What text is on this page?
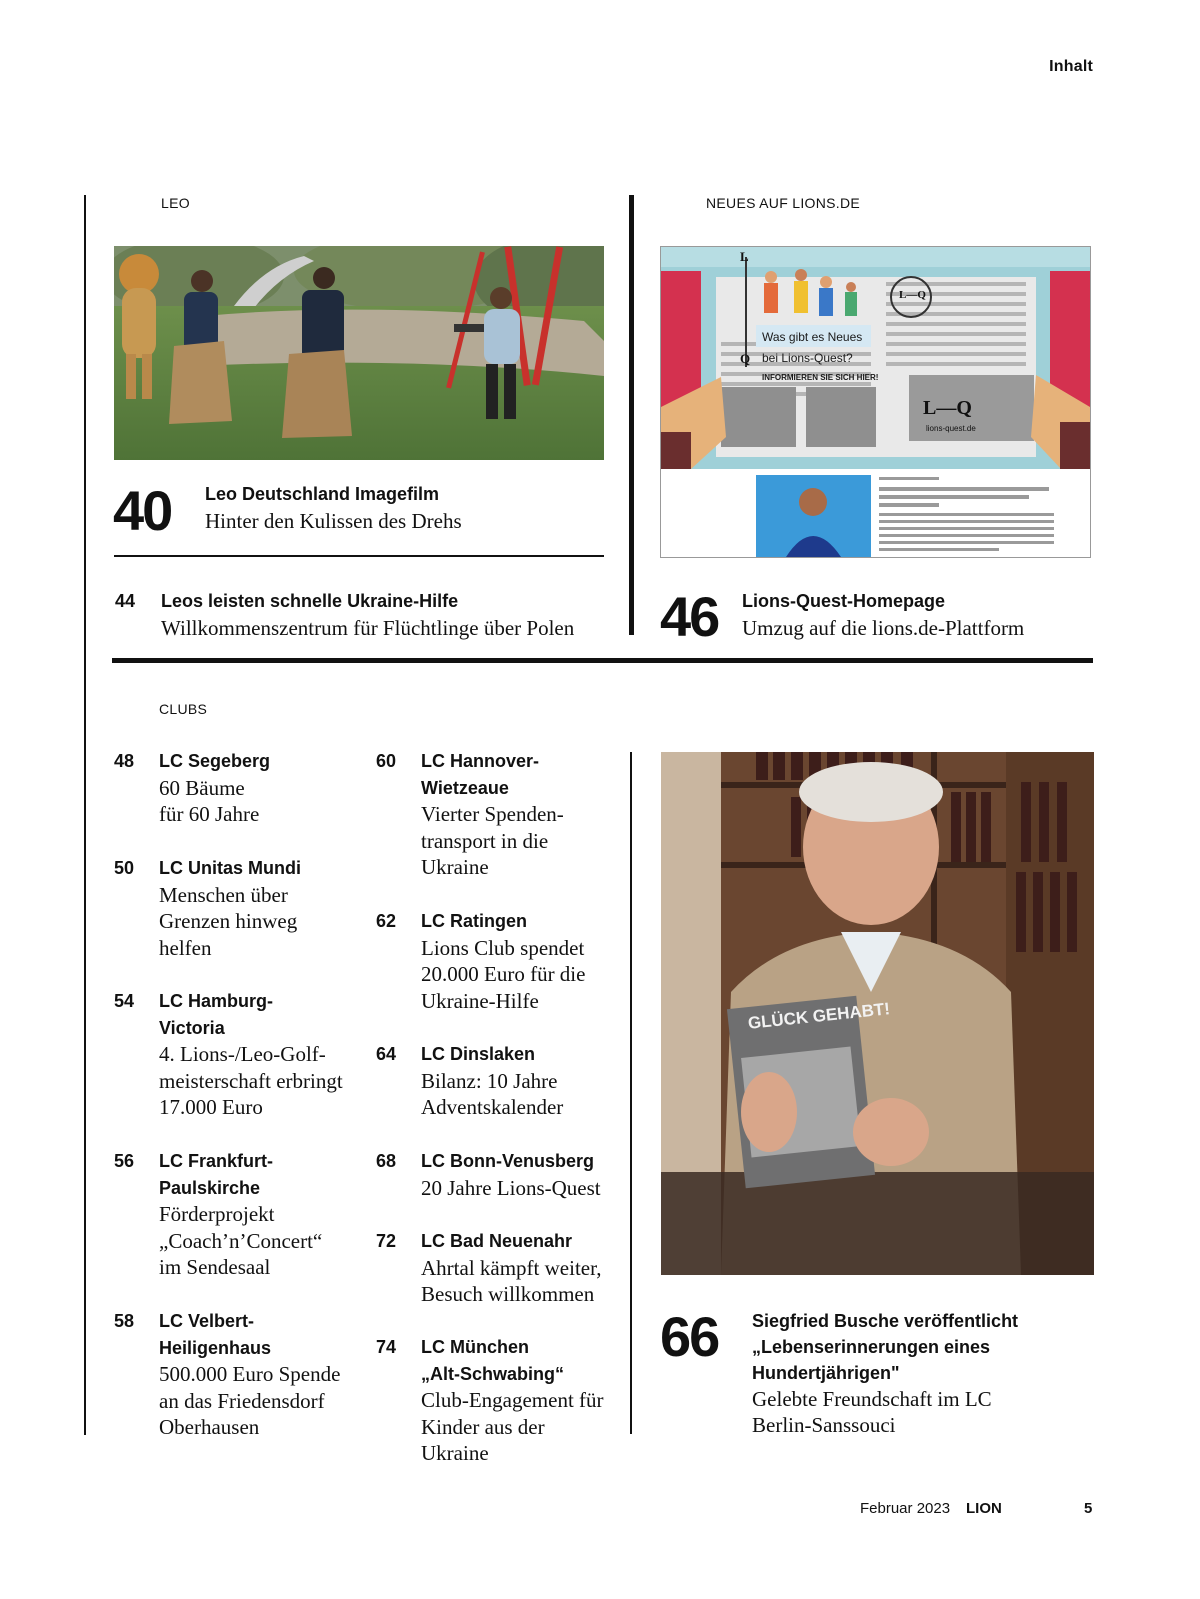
Inhalt
LEO
40 Leo Deutschland Imagefilm
Hinter den Kulissen des Drehs
44 Leos leisten schnelle Ukraine-Hilfe
Willkommenszentrum für Flüchtlinge über Polen
NEUES AUF LIONS.DE
L
Q
Was gibt es Neues
bei Lions-Quest?
INFORMIEREN SIE SICH HIER!
L—Q
L—Q
lions-quest.de
46 Lions-Quest-Homepage
Umzug auf die lions.de-Plattform
CLUBS
48 LC Segeberg
60 Bäume
für 60 Jahre
50 LC Unitas Mundi
Menschen über
Grenzen hinweg
helfen
54 LC Hamburg-
Victoria
4. Lions-/Leo-Golf-
meisterschaft erbringt
17.000 Euro
56 LC Frankfurt-
Paulskirche
Förderprojekt
„Coach’n’Concert“
im Sendesaal
58 LC Velbert-
Heiligenhaus
500.000 Euro Spende
an das Friedensdorf
Oberhausen
60 LC Hannover-
Wietzeaue
Vierter Spenden-
transport in die
Ukraine
62 LC Ratingen
Lions Club spendet
20.000 Euro für die
Ukraine-Hilfe
64 LC Dinslaken
Bilanz: 10 Jahre
Adventskalender
68 LC Bonn-Venusberg
20 Jahre Lions-Quest
72 LC Bad Neuenahr
Ahrtal kämpft weiter,
Besuch willkommen
74 LC München
„Alt-Schwabing“
Club-Engagement für
Kinder aus der Ukraine
GLÜCK GEHABT!
66 Siegfried Busche veröffentlicht
„Lebenserinnerungen eines
Hundertjährigen"
Gelebte Freundschaft im LC
Berlin-Sanssouci
Februar 2023 LION	5
